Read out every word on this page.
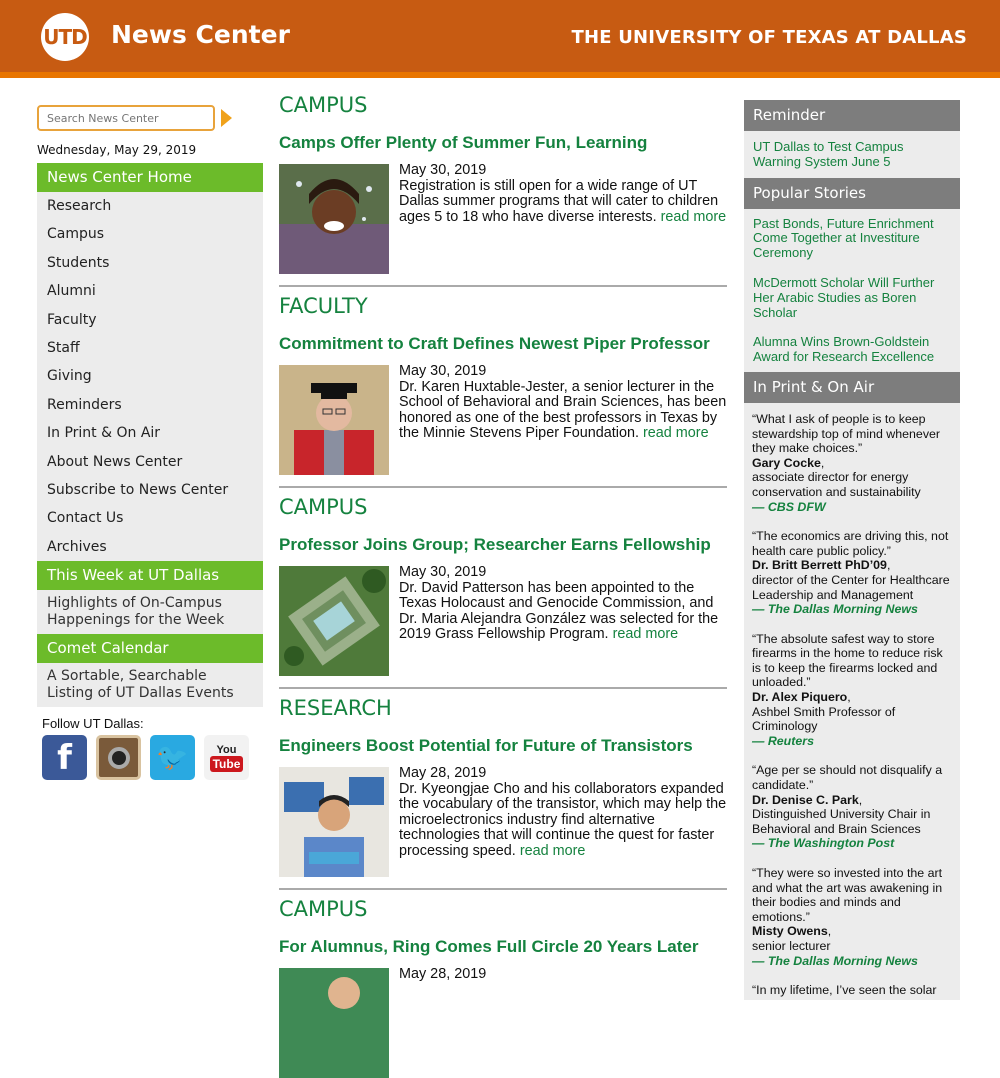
UTD News Center	THE UNIVERSITY OF TEXAS AT DALLAS
Search News Center
Wednesday, May 29, 2019
News Center Home
Research
Campus
Students
Alumni
Faculty
Staff
Giving
Reminders
In Print & On Air
About News Center
Subscribe to News Center
Contact Us
Archives
This Week at UT Dallas
Highlights of On-Campus Happenings for the Week
Comet Calendar
A Sortable, Searchable Listing of UT Dallas Events
Follow UT Dallas:
f	🐦	You
Tube
CAMPUS
Camps Offer Plenty of Summer Fun, Learning
May 30, 2019
Registration is still open for a wide range of UT Dallas summer programs that will cater to children ages 5 to 18 who have diverse interests. read more
FACULTY
Commitment to Craft Defines Newest Piper Professor
May 30, 2019
Dr. Karen Huxtable-Jester, a senior lecturer in the School of Behavioral and Brain Sciences, has been honored as one of the best professors in Texas by the Minnie Stevens Piper Foundation. read more
CAMPUS
Professor Joins Group; Researcher Earns Fellowship
May 30, 2019
Dr. David Patterson has been appointed to the Texas Holocaust and Genocide Commission, and Dr. Maria Alejandra González was selected for the 2019 Grass Fellowship Program. read more
RESEARCH
Engineers Boost Potential for Future of Transistors
May 28, 2019
Dr. Kyeongjae Cho and his collaborators expanded the vocabulary of the transistor, which may help the microelectronics industry find alternative technologies that will continue the quest for faster processing speed. read more
CAMPUS
For Alumnus, Ring Comes Full Circle 20 Years Later
May 28, 2019
Reminder
UT Dallas to Test Campus Warning System June 5
Popular Stories
Past Bonds, Future Enrichment Come Together at Investiture Ceremony
McDermott Scholar Will Further Her Arabic Studies as Boren Scholar
Alumna Wins Brown-Goldstein Award for Research Excellence
In Print & On Air
“What I ask of people is to keep stewardship top of mind whenever they make choices.”
Gary Cocke,
associate director for energy conservation and sustainability
— CBS DFW
“The economics are driving this, not health care public policy.”
Dr. Britt Berrett PhD’09,
director of the Center for Healthcare Leadership and Management
— The Dallas Morning News
“The absolute safest way to store firearms in the home to reduce risk is to keep the firearms locked and unloaded.”
Dr. Alex Piquero,
Ashbel Smith Professor of Criminology
— Reuters
“Age per se should not disqualify a candidate.”
Dr. Denise C. Park,
Distinguished University Chair in Behavioral and Brain Sciences
— The Washington Post
“They were so invested into the art and what the art was awakening in their bodies and minds and emotions.”
Misty Owens,
senior lecturer
— The Dallas Morning News
“In my lifetime, I’ve seen the solar
